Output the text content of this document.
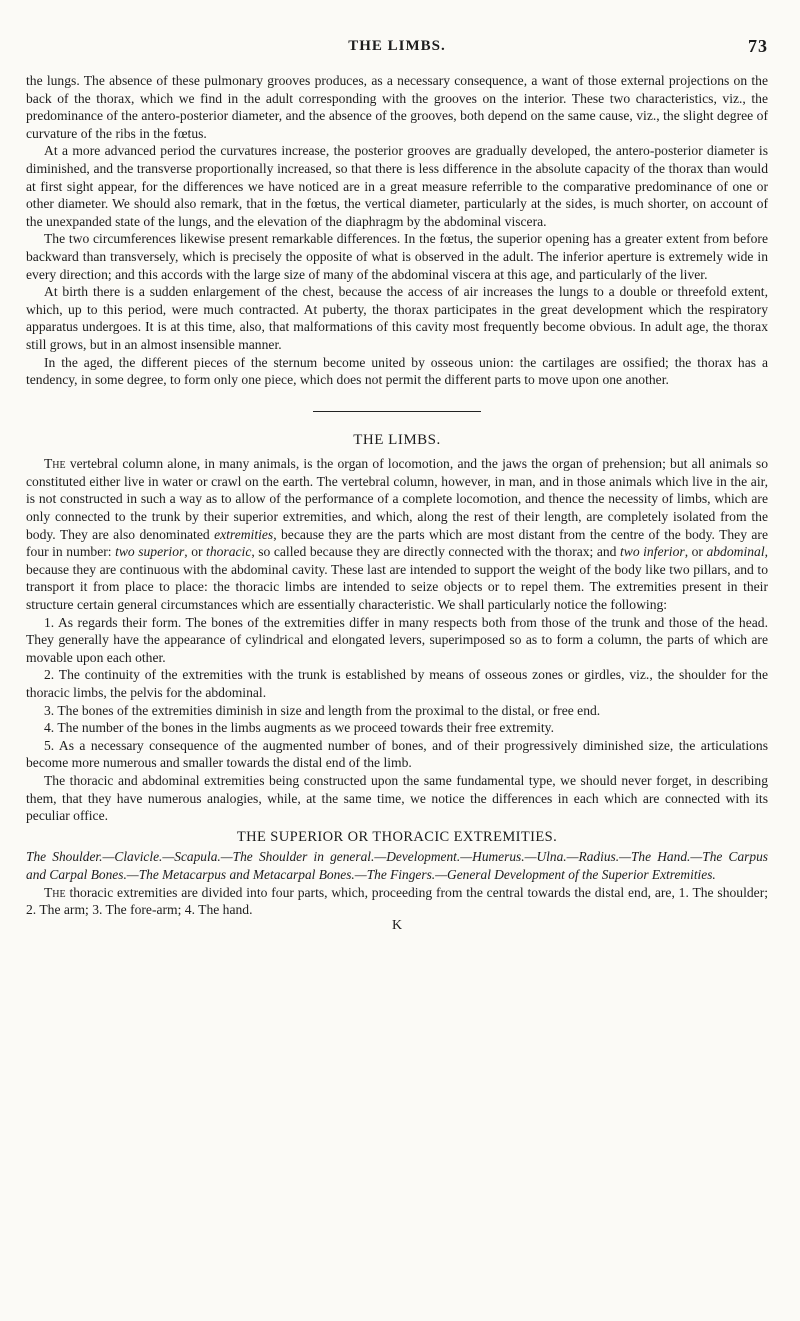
THE LIMBS.	73

the lungs. The absence of these pulmonary grooves produces, as a necessary consequence, a want of those external projections on the back of the thorax, which we find in the adult corresponding with the grooves on the interior. These two characteristics, viz., the predominance of the antero-posterior diameter, and the absence of the grooves, both depend on the same cause, viz., the slight degree of curvature of the ribs in the fœtus.

At a more advanced period the curvatures increase, the posterior grooves are gradually developed, the antero-posterior diameter is diminished, and the transverse proportionally increased, so that there is less difference in the absolute capacity of the thorax than would at first sight appear, for the differences we have noticed are in a great measure referrible to the comparative predominance of one or other diameter. We should also remark, that in the fœtus, the vertical diameter, particularly at the sides, is much shorter, on account of the unexpanded state of the lungs, and the elevation of the diaphragm by the abdominal viscera.

The two circumferences likewise present remarkable differences. In the fœtus, the superior opening has a greater extent from before backward than transversely, which is precisely the opposite of what is observed in the adult. The inferior aperture is extremely wide in every direction; and this accords with the large size of many of the abdominal viscera at this age, and particularly of the liver.

At birth there is a sudden enlargement of the chest, because the access of air increases the lungs to a double or threefold extent, which, up to this period, were much contracted. At puberty, the thorax participates in the great development which the respiratory apparatus undergoes. It is at this time, also, that malformations of this cavity most frequently become obvious. In adult age, the thorax still grows, but in an almost insensible manner.

In the aged, the different pieces of the sternum become united by osseous union: the cartilages are ossified; the thorax has a tendency, in some degree, to form only one piece, which does not permit the different parts to move upon one another.

THE LIMBS.

The vertebral column alone, in many animals, is the organ of locomotion, and the jaws the organ of prehension; but all animals so constituted either live in water or crawl on the earth. The vertebral column, however, in man, and in those animals which live in the air, is not constructed in such a way as to allow of the performance of a complete locomotion, and thence the necessity of limbs, which are only connected to the trunk by their superior extremities, and which, along the rest of their length, are completely isolated from the body. They are also denominated extremities, because they are the parts which are most distant from the centre of the body. They are four in number: two superior, or thoracic, so called because they are directly connected with the thorax; and two inferior, or abdominal, because they are continuous with the abdominal cavity. These last are intended to support the weight of the body like two pillars, and to transport it from place to place: the thoracic limbs are intended to seize objects or to repel them. The extremities present in their structure certain general circumstances which are essentially characteristic. We shall particularly notice the following:

1. As regards their form. The bones of the extremities differ in many respects both from those of the trunk and those of the head. They generally have the appearance of cylindrical and elongated levers, superimposed so as to form a column, the parts of which are movable upon each other.

2. The continuity of the extremities with the trunk is established by means of osseous zones or girdles, viz., the shoulder for the thoracic limbs, the pelvis for the abdominal.

3. The bones of the extremities diminish in size and length from the proximal to the distal, or free end.

4. The number of the bones in the limbs augments as we proceed towards their free extremity.

5. As a necessary consequence of the augmented number of bones, and of their progressively diminished size, the articulations become more numerous and smaller towards the distal end of the limb.

The thoracic and abdominal extremities being constructed upon the same fundamental type, we should never forget, in describing them, that they have numerous analogies, while, at the same time, we notice the differences in each which are connected with its peculiar office.

THE SUPERIOR OR THORACIC EXTREMITIES.
The Shoulder.—Clavicle.—Scapula.—The Shoulder in general.—Development.—Humerus.—Ulna.—Radius.—The Hand.—The Carpus and Carpal Bones.—The Metacarpus and Metacarpal Bones.—The Fingers.—General Development of the Superior Extremities.

The thoracic extremities are divided into four parts, which, proceeding from the central towards the distal end, are, 1. The shoulder; 2. The arm; 3. The fore-arm; 4. The hand.

K
